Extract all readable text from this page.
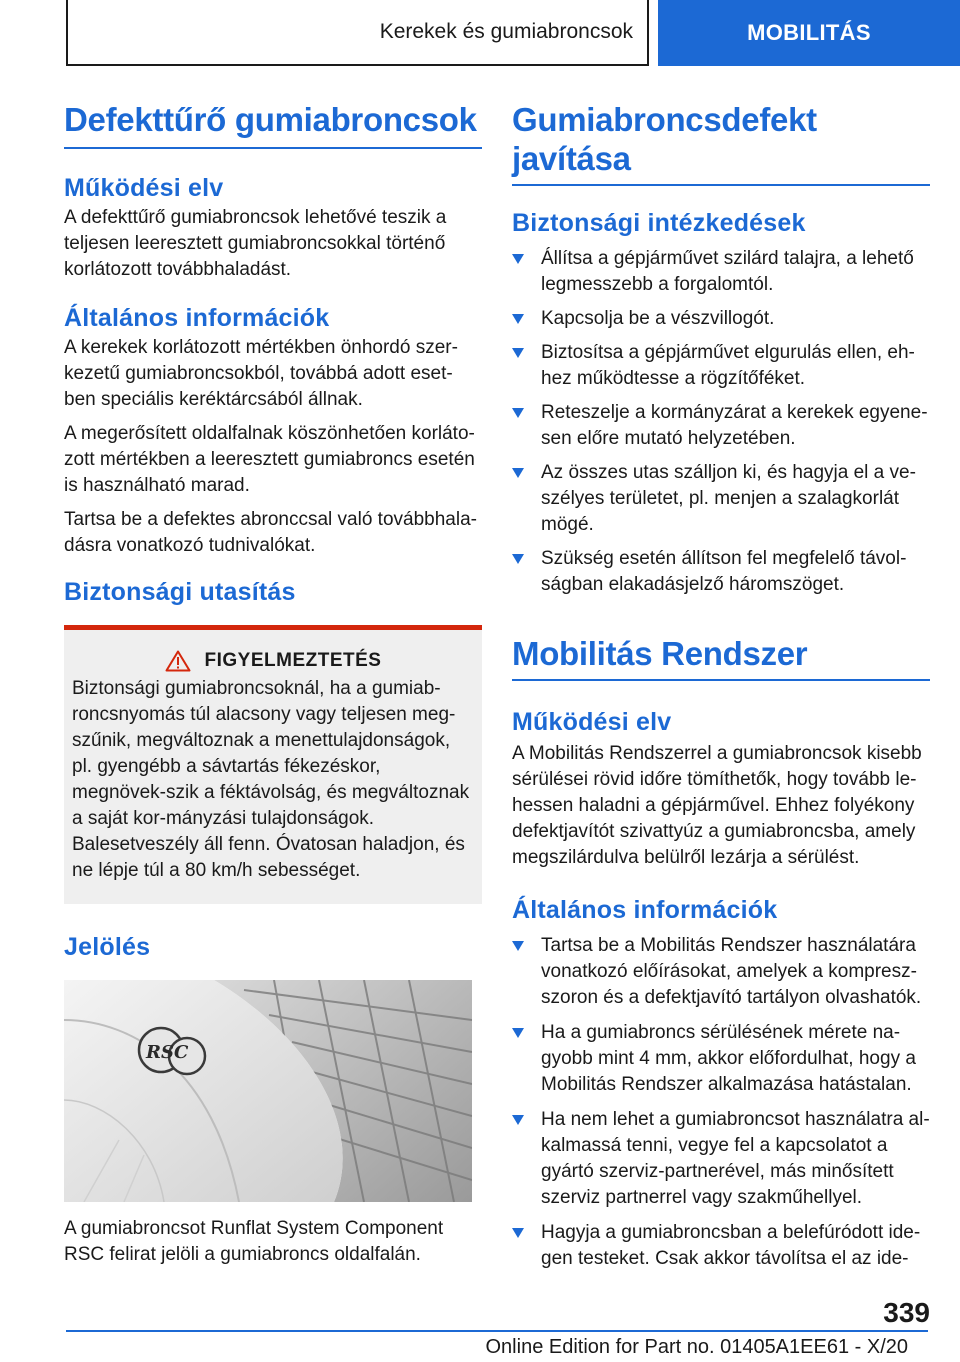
Kerekek és gumiabroncsok	MOBILITÁS
Defekttűrő gumiabroncsok
Működési elv
A defekttűrő gumiabroncsok lehetővé teszik a teljesen leeresztett gumiabroncsokkal történő korlátozott továbbhaladást.
Általános információk
A kerekek korlátozott mértékben önhordó szer-kezetű gumiabroncsokból, továbbá adott eset-ben speciális keréktárcsából állnak.
A megerősített oldalfalnak köszönhetően korláto-zott mértékben a leeresztett gumiabroncs esetén is használható marad.
Tartsa be a defektes abronccsal való továbbhala-dásra vonatkozó tudnivalókat.
Biztonsági utasítás
FIGYELMEZTETÉS
Biztonsági gumiabroncsoknál, ha a gumiab-roncsnyomás túl alacsony vagy teljesen meg-szűnik, megváltoznak a menettulajdonságok, pl. gyengébb a sávtartás fékezéskor, megnövek-szik a féktávolság, és megváltoznak a saját kor-mányzási tulajdonságok. Balesetveszély áll fenn. Óvatosan haladjon, és ne lépje túl a 80 km/h sebességet.
Jelölés
RSC
A gumiabroncsot Runflat System Component RSC felirat jelöli a gumiabroncs oldalfalán.
Gumiabroncsdefekt javítása
Biztonsági intézkedések
Állítsa a gépjárművet szilárd talajra, a lehető legmesszebb a forgalomtól.
Kapcsolja be a vészvillogót.
Biztosítsa a gépjárművet elgurulás ellen, eh-hez működtesse a rögzítőféket.
Reteszelje a kormányzárat a kerekek egyene-sen előre mutató helyzetében.
Az összes utas szálljon ki, és hagyja el a ve-szélyes területet, pl. menjen a szalagkorlát mögé.
Szükség esetén állítson fel megfelelő távol-ságban elakadásjelző háromszöget.
Mobilitás Rendszer
Működési elv
A Mobilitás Rendszerrel a gumiabroncsok kisebb sérülései rövid időre tömíthetők, hogy tovább le-hessen haladni a gépjárművel. Ehhez folyékony defektjavítót szivattyúz a gumiabroncsba, amely megszilárdulva belülről lezárja a sérülést.
Általános információk
Tartsa be a Mobilitás Rendszer használatára vonatkozó előírásokat, amelyek a kompresz-szoron és a defektjavító tartályon olvashatók.
Ha a gumiabroncs sérülésének mérete na-gyobb mint 4 mm, akkor előfordulhat, hogy a Mobilitás Rendszer alkalmazása hatástalan.
Ha nem lehet a gumiabroncsot használatra al-kalmassá tenni, vegye fel a kapcsolatot a gyártó szerviz-partnerével, más minősített szerviz partnerrel vagy szakműhellyel.
Hagyja a gumiabroncsban a belefúródott ide-gen testeket. Csak akkor távolítsa el az ide-
339
Online Edition for Part no. 01405A1EE61 - X/20
